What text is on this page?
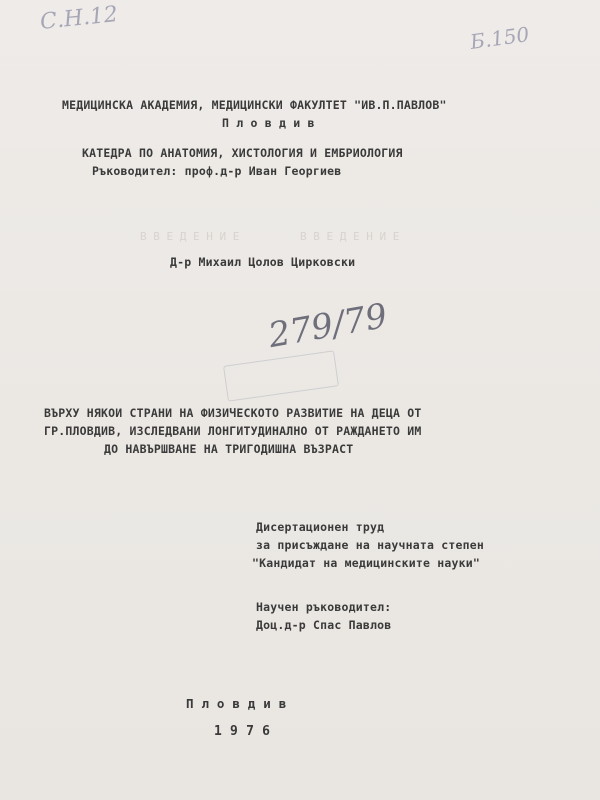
В В Е Д Е Н И Е	В В Е Д Е Н И Е
С.Н.12
Б.150
279/79
МЕДИЦИНСКА АКАДЕМИЯ, МЕДИЦИНСКИ ФАКУЛТЕТ "ИВ.П.ПАВЛОВ"
П л о в д и в
КАТЕДРА ПО АНАТОМИЯ, ХИСТОЛОГИЯ И ЕМБРИОЛОГИЯ
Ръководител: проф.д-р Иван Георгиев
Д-р Михаил Цолов Цирковски
ВЪРХУ НЯКОИ СТРАНИ НА ФИЗИЧЕСКОТО РАЗВИТИЕ НА ДЕЦА ОТ
ГР.ПЛОВДИВ, ИЗСЛЕДВАНИ ЛОНГИТУДИНАЛНО ОТ РАЖДАНЕТО ИМ
ДО НАВЪРШВАНЕ НА ТРИГОДИШНА ВЪЗРАСТ
Дисертационен труд
за присъждане на научната степен
"Кандидат на медицинските науки"
Научен ръководител:
Доц.д-р Спас Павлов
П л о в д и в
1 9 7 6
